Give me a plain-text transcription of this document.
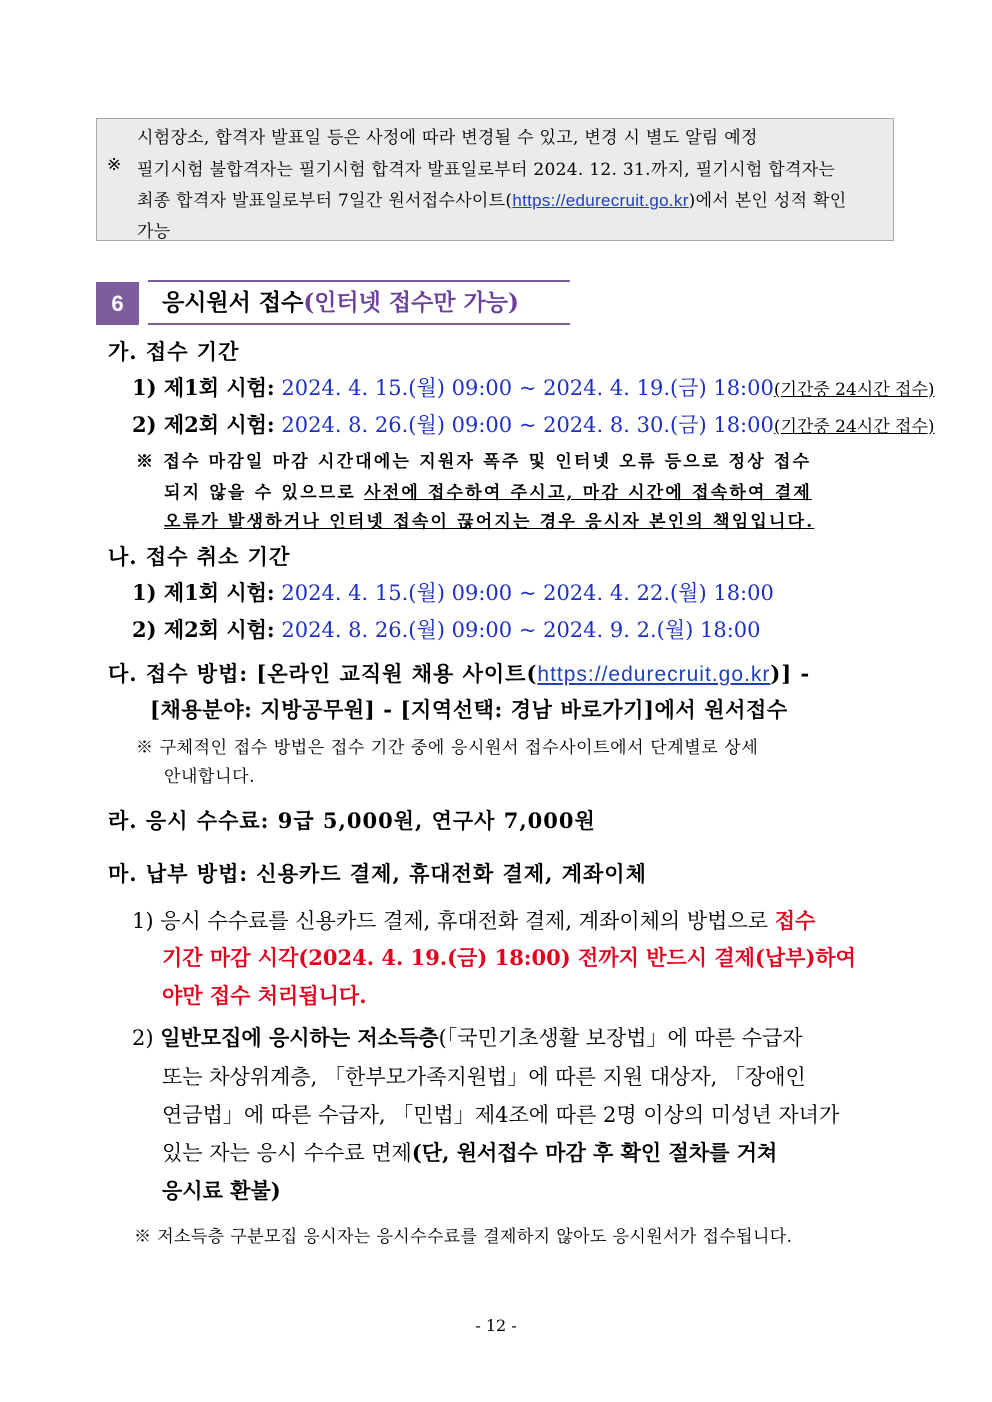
시험장소, 합격자 발표일 등은 사정에 따라 변경될 수 있고, 변경 시 별도 알림 예정
※ 필기시험 불합격자는 필기시험 합격자 발표일로부터 2024. 12. 31.까지, 필기시험 합격자는
최종 합격자 발표일로부터 7일간 원서접수사이트(https://edurecruit.go.kr)에서 본인 성적 확인
가능
6	응시원서 접수(인터넷 접수만 가능)
가. 접수 기간
1) 제1회 시험: 2024. 4. 15.(월) 09:00 ~ 2024. 4. 19.(금) 18:00(기간중 24시간 접수)
2) 제2회 시험: 2024. 8. 26.(월) 09:00 ~ 2024. 8. 30.(금) 18:00(기간중 24시간 접수)
※ 접수 마감일 마감 시간대에는 지원자 폭주 및 인터넷 오류 등으로 정상 접수
되지 않을 수 있으므로 사전에 접수하여 주시고, 마감 시간에 접속하여 결제
오류가 발생하거나 인터넷 접속이 끊어지는 경우 응시자 본인의 책임입니다.
나. 접수 취소 기간
1) 제1회 시험: 2024. 4. 15.(월) 09:00 ~ 2024. 4. 22.(월) 18:00
2) 제2회 시험: 2024. 8. 26.(월) 09:00 ~ 2024. 9. 2.(월) 18:00
다. 접수 방법: [온라인 교직원 채용 사이트(https://edurecruit.go.kr)] -
[채용분야: 지방공무원] - [지역선택: 경남 바로가기]에서 원서접수
※ 구체적인 접수 방법은 접수 기간 중에 응시원서 접수사이트에서 단계별로 상세
안내합니다.
라. 응시 수수료: 9급 5,000원, 연구사 7,000원
마. 납부 방법: 신용카드 결제, 휴대전화 결제, 계좌이체
1) 응시 수수료를 신용카드 결제, 휴대전화 결제, 계좌이체의 방법으로 접수
기간 마감 시각(2024. 4. 19.(금) 18:00) 전까지 반드시 결제(납부)하여
야만 접수 처리됩니다.
2) 일반모집에 응시하는 저소득층(「국민기초생활 보장법」에 따른 수급자
또는 차상위계층, 「한부모가족지원법」에 따른 지원 대상자, 「장애인
연금법」에 따른 수급자, 「민법」제4조에 따른 2명 이상의 미성년 자녀가
있는 자는 응시 수수료 면제(단, 원서접수 마감 후 확인 절차를 거쳐
응시료 환불)
※ 저소득층 구분모집 응시자는 응시수수료를 결제하지 않아도 응시원서가 접수됩니다.
- 12 -
